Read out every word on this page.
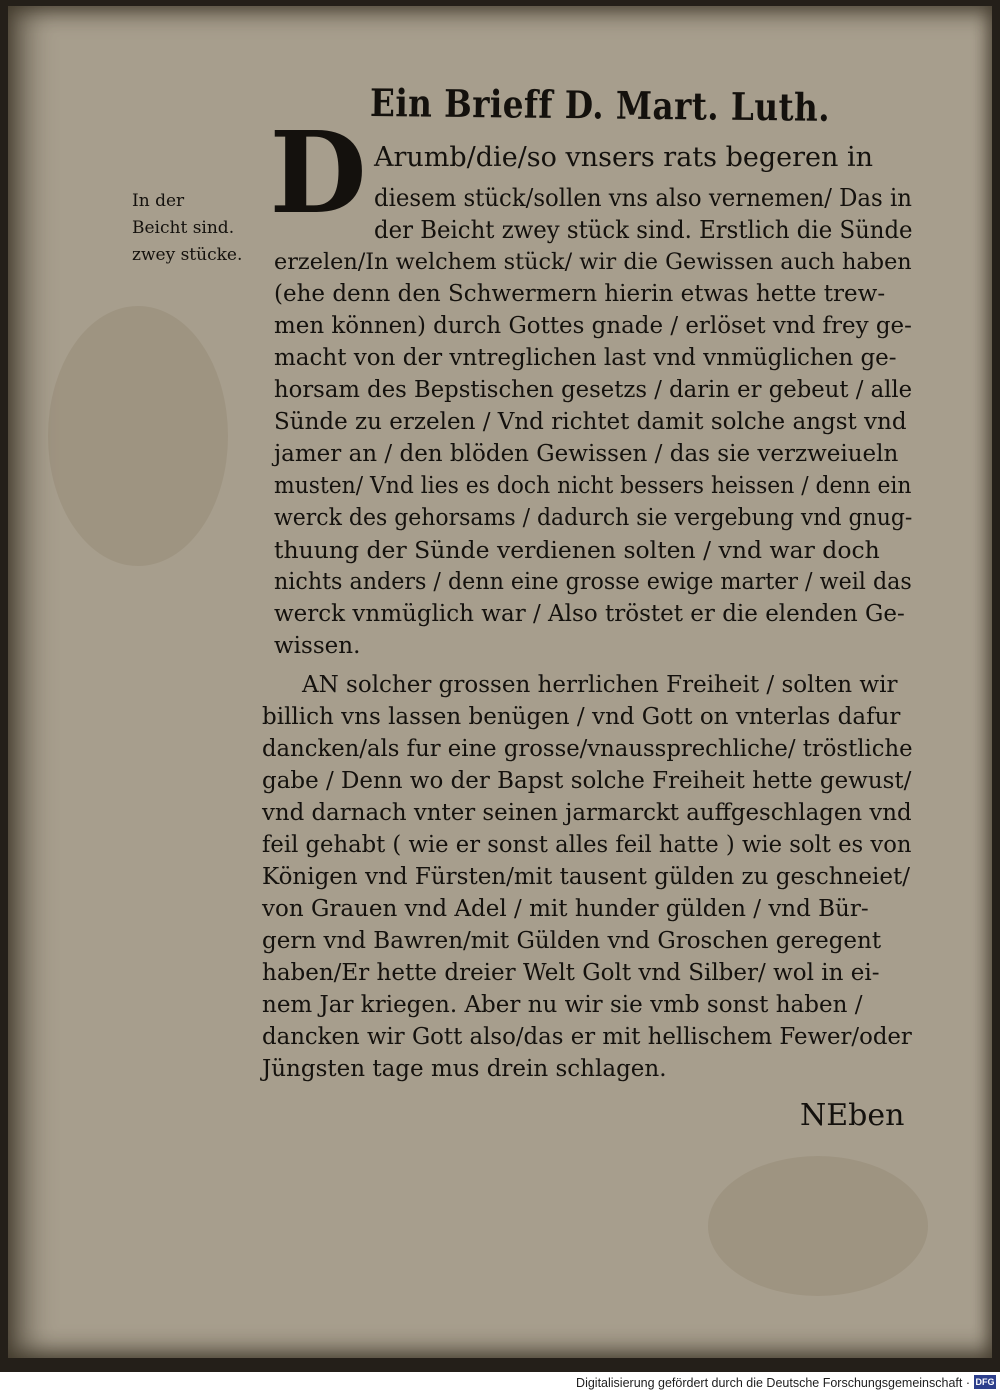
Ein Brieff D. Mart. Luth.
D
In der
Beicht sind.
zwey stücke.
Arumb/die/so vnsers rats begeren in
diesem stück/sollen vns also vernemen/ Das in
der Beicht zwey stück sind. Erstlich die Sünde
erzelen/In welchem stück/ wir die Gewissen auch haben
(ehe denn den Schwermern hierin etwas hette trew-
men können) durch Gottes gnade / erlöset vnd frey ge-
macht von der vntreglichen last vnd vnmüglichen ge-
horsam des Bepstischen gesetzs / darin er gebeut / alle
Sünde zu erzelen / Vnd richtet damit solche angst vnd
jamer an / den blöden Gewissen / das sie verzweiueln
musten/ Vnd lies es doch nicht bessers heissen / denn ein
werck des gehorsams / dadurch sie vergebung vnd gnug-
thuung der Sünde verdienen solten / vnd war doch
nichts anders / denn eine grosse ewige marter / weil das
werck vnmüglich war / Also tröstet er die elenden Ge-
wissen.
AN solcher grossen herrlichen Freiheit / solten wir
billich vns lassen benügen / vnd Gott on vnterlas dafur
dancken/als fur eine grosse/vnaussprechliche/ tröstliche
gabe / Denn wo der Bapst solche Freiheit hette gewust/
vnd darnach vnter seinen jarmarckt auffgeschlagen vnd
feil gehabt ( wie er sonst alles feil hatte ) wie solt es von
Königen vnd Fürsten/mit tausent gülden zu geschneiet/
von Grauen vnd Adel / mit hunder gülden / vnd Bür-
gern vnd Bawren/mit Gülden vnd Groschen geregent
haben/Er hette dreier Welt Golt vnd Silber/ wol in ei-
nem Jar kriegen. Aber nu wir sie vmb sonst haben /
dancken wir Gott also/das er mit hellischem Fewer/oder
Jüngsten tage mus drein schlagen.
NEben
Digitalisierung gefördert durch die Deutsche Forschungsgemeinschaft · DFG
